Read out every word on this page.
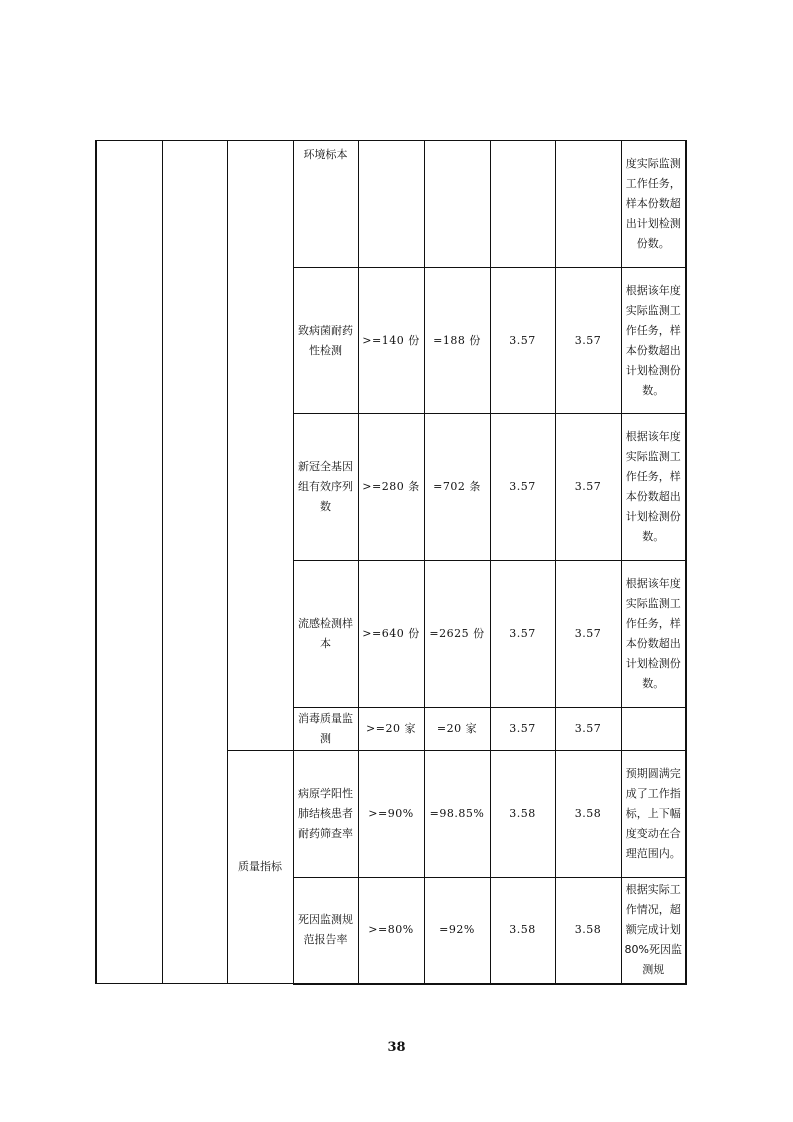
			环境标本					度实际监测工作任务，样本份数超出计划检测份数。
			致病菌耐药性检测	>=140 份	=188 份	3.57	3.57	根据该年度实际监测工作任务，样本份数超出计划检测份数。
			新冠全基因组有效序列数	>=280 条	=702 条	3.57	3.57	根据该年度实际监测工作任务，样本份数超出计划检测份数。
			流感检测样本	>=640 份	=2625 份	3.57	3.57	根据该年度实际监测工作任务，样本份数超出计划检测份数。
			消毒质量监测	>=20 家	=20 家	3.57	3.57	
		质量指标	病原学阳性肺结核患者耐药筛查率	>=90%	=98.85%	3.58	3.58	预期圆满完成了工作指标，上下幅度变动在合理范围内。
			死因监测规范报告率	>=80%	=92%	3.58	3.58	根据实际工作情况，超额完成计划 80%死因监测规
38
